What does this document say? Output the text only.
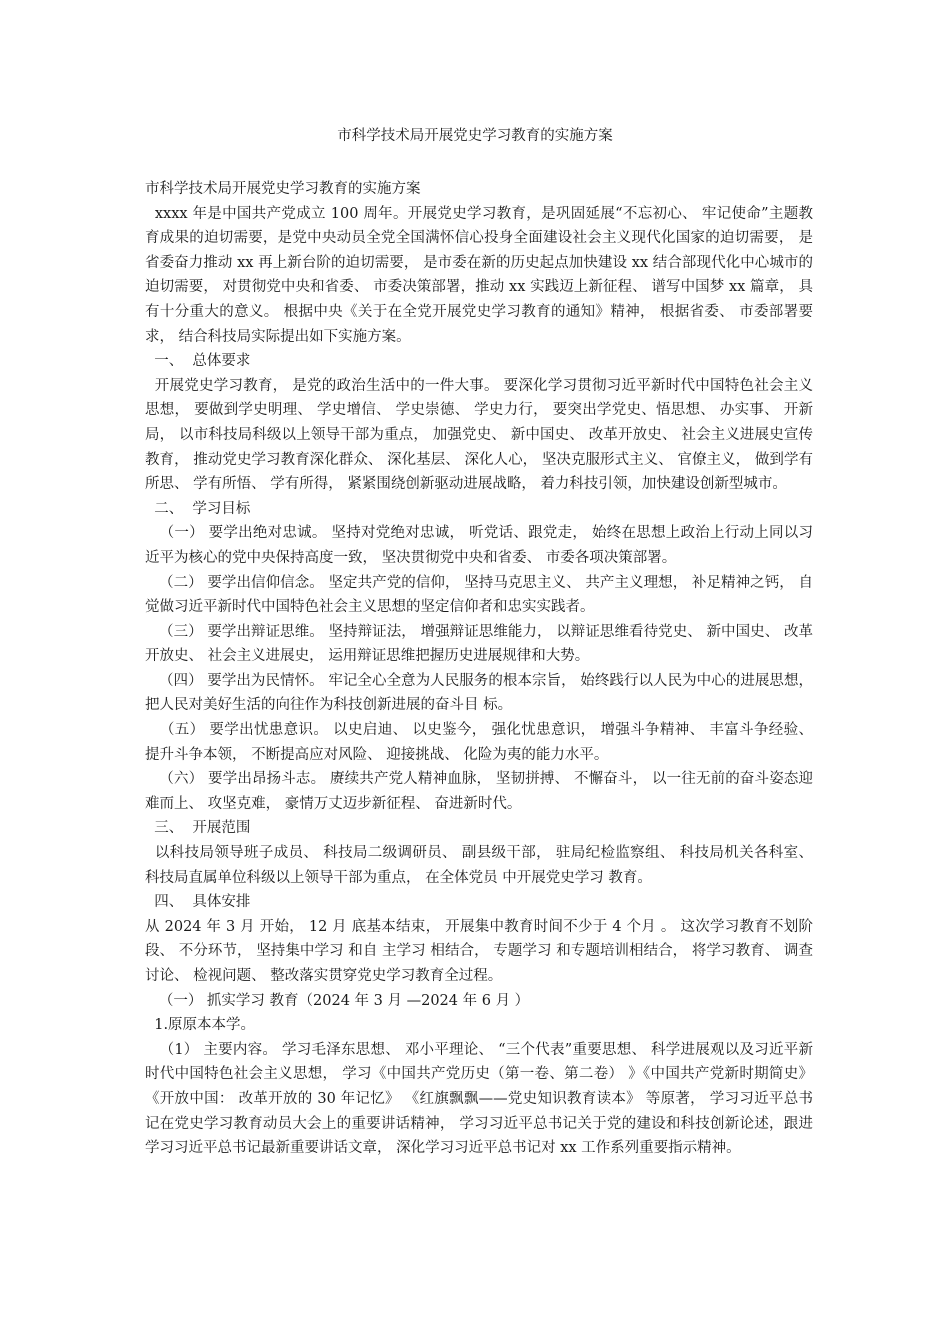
市科学技术局开展党史学习教育的实施方案

市科学技术局开展党史学习教育的实施方案

xxxx 年是中国共产党成立 100 周年。开展党史学习教育，是巩固延展“不忘初心、 牢记使命”主题教育成果的迫切需要，是党中央动员全党全国满怀信心投身全面建设社会主义现代化国家的迫切需要， 是省委奋力推动 xx 再上新台阶的迫切需要， 是市委在新的历史起点加快建设 xx 结合部现代化中心城市的迫切需要， 对贯彻党中央和省委、 市委决策部署，推动 xx 实践迈上新征程、 谱写中国梦 xx 篇章， 具有十分重大的意义。 根据中央《关于在全党开展党史学习教育的通知》精神， 根据省委、 市委部署要求， 结合科技局实际提出如下实施方案。

一、  总体要求

开展党史学习教育， 是党的政治生活中的一件大事。 要深化学习贯彻习近平新时代中国特色社会主义思想， 要做到学史明理、 学史增信、 学史崇德、 学史力行， 要突出学党史、悟思想、 办实事、 开新局， 以市科技局科级以上领导干部为重点， 加强党史、 新中国史、 改革开放史、 社会主义进展史宣传教育， 推动党史学习教育深化群众、 深化基层、 深化人心， 坚决克服形式主义、 官僚主义， 做到学有所思、 学有所悟、 学有所得， 紧紧围绕创新驱动进展战略， 着力科技引领，加快建设创新型城市。

二、  学习目标

（一） 要学出绝对忠诚。 坚持对党绝对忠诚， 听党话、跟党走， 始终在思想上政治上行动上同以习近平为核心的党中央保持高度一致， 坚决贯彻党中央和省委、 市委各项决策部署。

（二） 要学出信仰信念。 坚定共产党的信仰， 坚持马克思主义、 共产主义理想， 补足精神之钙， 自觉做习近平新时代中国特色社会主义思想的坚定信仰者和忠实实践者。

（三） 要学出辩证思维。 坚持辩证法， 增强辩证思维能力， 以辩证思维看待党史、 新中国史、 改革开放史、 社会主义进展史， 运用辩证思维把握历史进展规律和大势。

（四） 要学出为民情怀。 牢记全心全意为人民服务的根本宗旨， 始终践行以人民为中心的进展思想， 把人民对美好生活的向往作为科技创新进展的奋斗目 标。

（五） 要学出忧患意识。 以史启迪、 以史鉴今， 强化忧患意识， 增强斗争精神、 丰富斗争经验、 提升斗争本领， 不断提高应对风险、 迎接挑战、 化险为夷的能力水平。

（六） 要学出昂扬斗志。 赓续共产党人精神血脉， 坚韧拼搏、 不懈奋斗， 以一往无前的奋斗姿态迎难而上、 攻坚克难， 豪情万丈迈步新征程、 奋进新时代。

三、  开展范围

以科技局领导班子成员、 科技局二级调研员、 副县级干部， 驻局纪检监察组、 科技局机关各科室、 科技局直属单位科级以上领导干部为重点， 在全体党员 中开展党史学习 教育。

四、  具体安排

从 2024 年 3 月 开始， 12 月 底基本结束， 开展集中教育时间不少于 4 个月 。 这次学习教育不划阶段、 不分环节， 坚持集中学习 和自 主学习 相结合， 专题学习 和专题培训相结合， 将学习教育、 调查讨论、 检视问题、 整改落实贯穿党史学习教育全过程。

（一） 抓实学习 教育（2024 年 3 月 —2024 年 6 月 ）

1.原原本本学。

（1） 主要内容。 学习毛泽东思想、 邓小平理论、 “三个代表”重要思想、 科学进展观以及习近平新时代中国特色社会主义思想， 学习《中国共产党历史（第一卷、第二卷） 》《中国共产党新时期简史》 《开放中国： 改革开放的 30 年记忆》 《红旗飘飘——党史知识教育读本》 等原著， 学习习近平总书记在党史学习教育动员大会上的重要讲话精神， 学习习近平总书记关于党的建设和科技创新论述，跟进学习习近平总书记最新重要讲话文章， 深化学习习近平总书记对 xx 工作系列重要指示精神。
